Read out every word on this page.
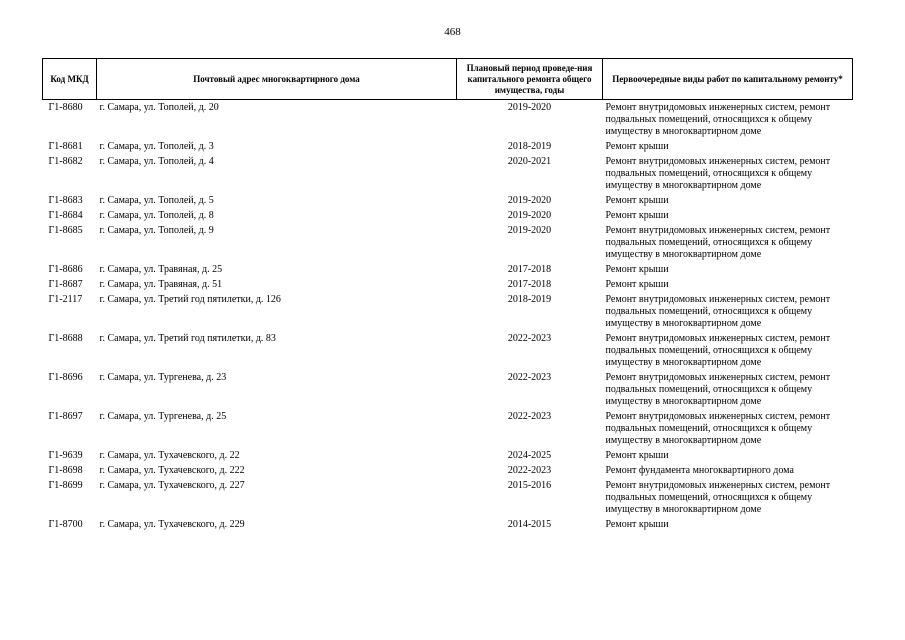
468
Код МКД	Почтовый адрес многоквартирного дома	Плановый период проведе-ния капитального ремонта общего имущества, годы	Первоочередные виды работ по капитальному ремонту*
Г1-8680	г. Самара, ул. Тополей, д. 20	2019-2020	Ремонт внутридомовых инженерных систем, ремонт подвальных помещений, относящихся к общему имуществу в многоквартирном доме
Г1-8681	г. Самара, ул. Тополей, д. 3	2018-2019	Ремонт крыши
Г1-8682	г. Самара, ул. Тополей, д. 4	2020-2021	Ремонт внутридомовых инженерных систем, ремонт подвальных помещений, относящихся к общему имуществу в многоквартирном доме
Г1-8683	г. Самара, ул. Тополей, д. 5	2019-2020	Ремонт крыши
Г1-8684	г. Самара, ул. Тополей, д. 8	2019-2020	Ремонт крыши
Г1-8685	г. Самара, ул. Тополей, д. 9	2019-2020	Ремонт внутридомовых инженерных систем, ремонт подвальных помещений, относящихся к общему имуществу в многоквартирном доме
Г1-8686	г. Самара, ул. Травяная, д. 25	2017-2018	Ремонт крыши
Г1-8687	г. Самара, ул. Травяная, д. 51	2017-2018	Ремонт крыши
Г1-2117	г. Самара, ул. Третий год пятилетки, д. 126	2018-2019	Ремонт внутридомовых инженерных систем, ремонт подвальных помещений, относящихся к общему имуществу в многоквартирном доме
Г1-8688	г. Самара, ул. Третий год пятилетки, д. 83	2022-2023	Ремонт внутридомовых инженерных систем, ремонт подвальных помещений, относящихся к общему имуществу в многоквартирном доме
Г1-8696	г. Самара, ул. Тургенева, д. 23	2022-2023	Ремонт внутридомовых инженерных систем, ремонт подвальных помещений, относящихся к общему имуществу в многоквартирном доме
Г1-8697	г. Самара, ул. Тургенева, д. 25	2022-2023	Ремонт внутридомовых инженерных систем, ремонт подвальных помещений, относящихся к общему имуществу в многоквартирном доме
Г1-9639	г. Самара, ул. Тухачевского, д. 22	2024-2025	Ремонт крыши
Г1-8698	г. Самара, ул. Тухачевского, д. 222	2022-2023	Ремонт фундамента многоквартирного дома
Г1-8699	г. Самара, ул. Тухачевского, д. 227	2015-2016	Ремонт внутридомовых инженерных систем, ремонт подвальных помещений, относящихся к общему имуществу в многоквартирном доме
Г1-8700	г. Самара, ул. Тухачевского, д. 229	2014-2015	Ремонт крыши
